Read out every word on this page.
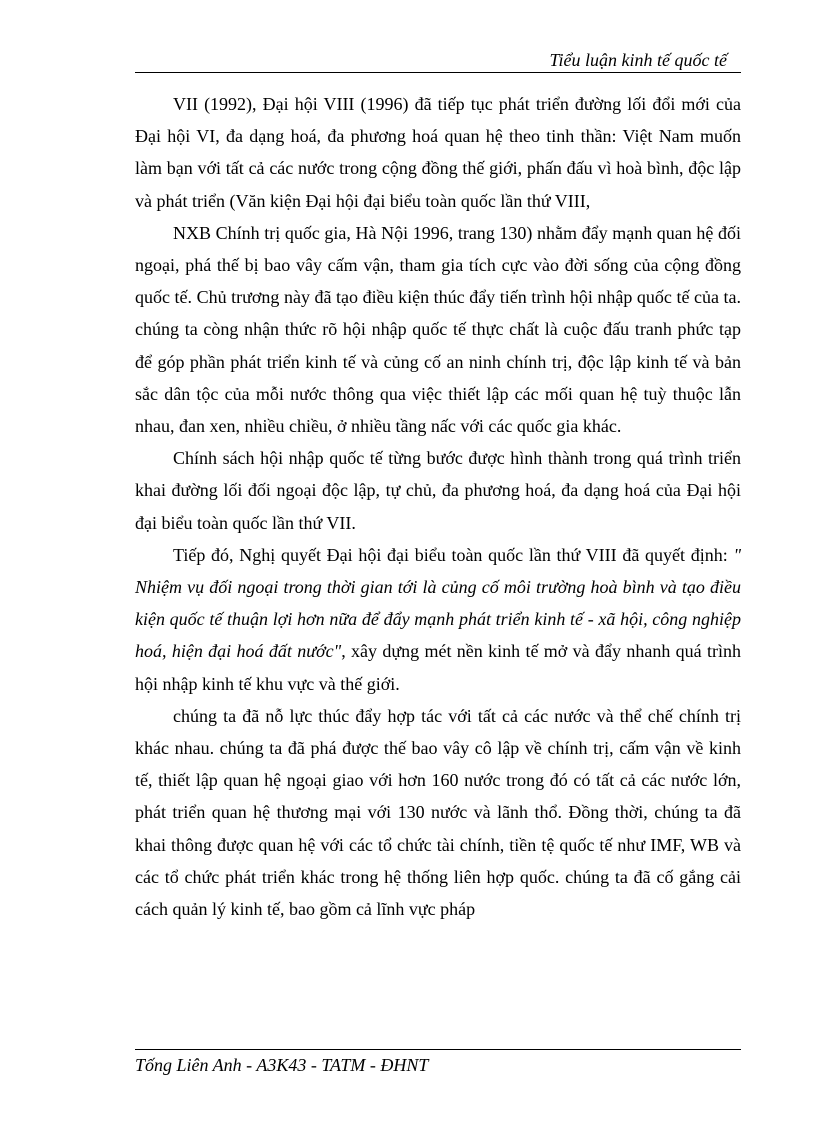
Tiểu luận kinh tế quốc tế

VII (1992), Đại hội VIII (1996) đã tiếp tục phát triển đường lối đổi mới của Đại hội VI, đa dạng hoá, đa phương hoá quan hệ theo tinh thần: Việt Nam muốn làm bạn với tất cả các nước trong cộng đồng thế giới, phấn đấu vì hoà bình, độc lập và phát triển (Văn kiện Đại hội đại biểu toàn quốc lần thứ VIII,

NXB Chính trị quốc gia, Hà Nội 1996, trang 130) nhằm đẩy mạnh quan hệ đối ngoại, phá thế bị bao vây cấm vận, tham gia tích cực vào đời sống của cộng đồng quốc tế. Chủ trương này đã tạo điều kiện thúc đẩy tiến trình hội nhập quốc tế của ta. chúng ta còng nhận thức rõ hội nhập quốc tế thực chất là cuộc đấu tranh phức tạp để góp phần phát triển kinh tế và củng cố an ninh chính trị, độc lập kinh tế và bản sắc dân tộc của mỗi nước thông qua việc thiết lập các mối quan hệ tuỳ thuộc lẫn nhau, đan xen, nhiều chiều, ở nhiều tầng nấc với các quốc gia khác.

Chính sách hội nhập quốc tế từng bước được hình thành trong quá trình triển khai đường lối đối ngoại độc lập, tự chủ, đa phương hoá, đa dạng hoá của Đại hội đại biểu toàn quốc lần thứ VII.

Tiếp đó, Nghị quyết Đại hội đại biểu toàn quốc lần thứ VIII đã quyết định: " Nhiệm vụ đối ngoại trong thời gian tới là củng cố môi trường hoà bình và tạo điều kiện quốc tế thuận lợi hơn nữa để đẩy mạnh phát triển kinh tế - xã hội, công nghiệp hoá, hiện đại hoá đất nước", xây dựng mét nền kinh tế mở và đẩy nhanh quá trình hội nhập kinh tế khu vực và thế giới.

chúng ta đã nỗ lực thúc đẩy hợp tác với tất cả các nước và thể chế chính trị khác nhau. chúng ta đã phá được thế bao vây cô lập về chính trị, cấm vận về kinh tế, thiết lập quan hệ ngoại giao với hơn 160 nước trong đó có tất cả các nước lớn, phát triển quan hệ thương mại với 130 nước và lãnh thổ. Đồng thời, chúng ta đã khai thông được quan hệ với các tổ chức tài chính, tiền tệ quốc tế như IMF, WB và các tổ chức phát triển khác trong hệ thống liên hợp quốc. chúng ta đã cố gắng cải cách quản lý kinh tế, bao gồm cả lĩnh vực pháp

Tống Liên Anh - A3K43 - TATM - ĐHNT
